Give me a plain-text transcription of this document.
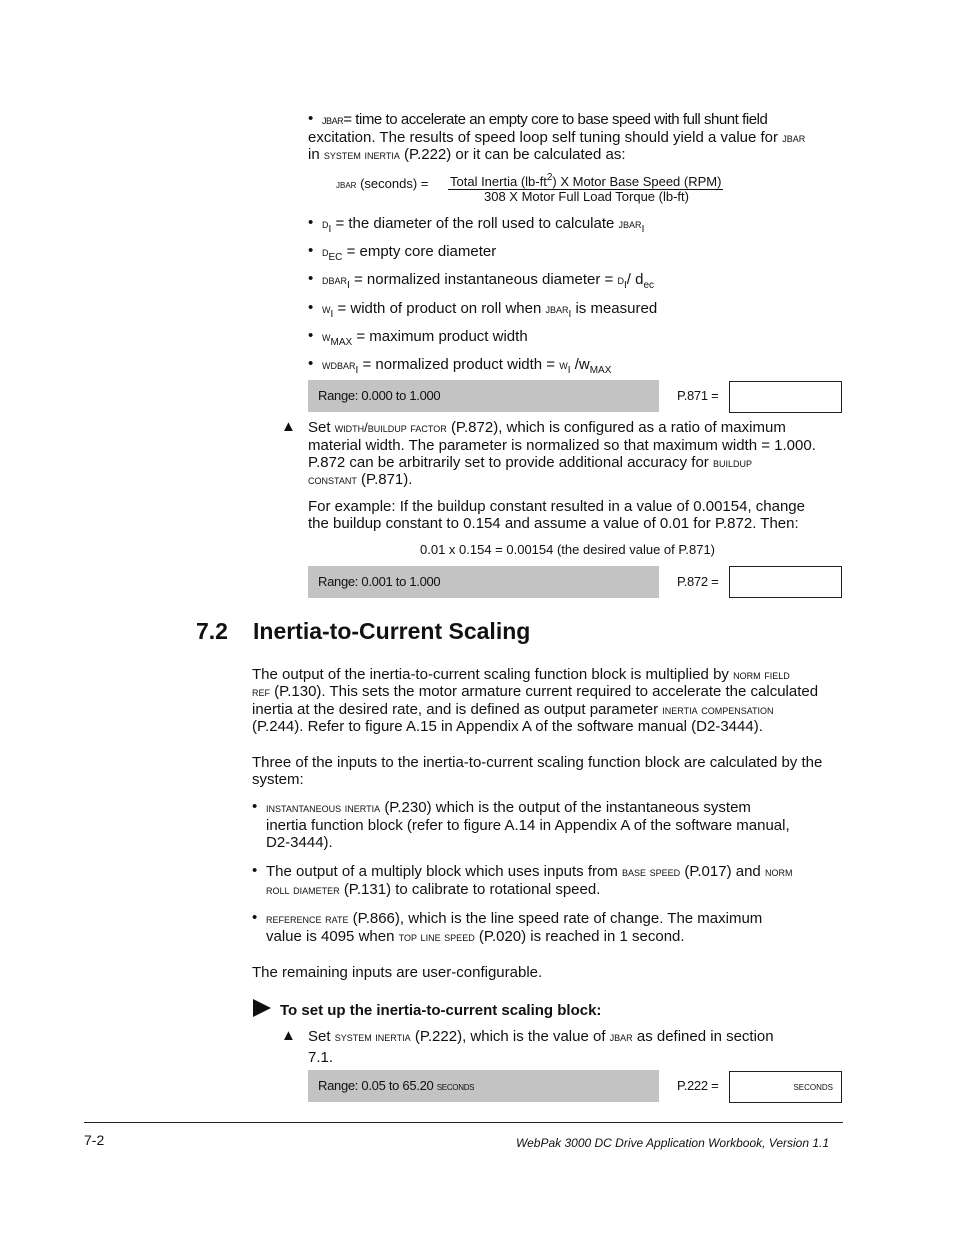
• jbar= time to accelerate an empty core to base speed with full shunt field
excitation. The results of speed loop self tuning should yield a value for jbar
in system inertia (P.222) or it can be calculated as:
jbar (seconds) = Total Inertia $(lb-ft^2)$ X Motor Base Speed (RPM)
308 X Motor Full Load Torque (lb-ft)
• $d_I$ = the diameter of the roll used to calculate jbar$_I$
• $d_{EC}$ = empty core diameter
• dbar$_I$ = normalized instantaneous diameter = $d_I/$ $d_{ec}$
• $w_I$ = width of product on roll when jbar$_I$ is measured
• $w_{MAX}$ = maximum product width
• wdbar$_I$ = normalized product width = $w_I$ $/w_{MAX}$
Range: 0.000 to 1.000	P.871 =
▲ Set width/buildup factor (P.872), which is configured as a ratio of maximum
material width. The parameter is normalized so that maximum width = 1.000.
P.872 can be arbitrarily set to provide additional accuracy for buildup
constant (P.871).
For example: If the buildup constant resulted in a value of 0.00154, change
the buildup constant to 0.154 and assume a value of 0.01 for P.872. Then:
0.01 x 0.154 = 0.00154 (the desired value of P.871)
Range: 0.001 to 1.000	P.872 =
7.2 Inertia-to-Current Scaling
The output of the inertia-to-current scaling function block is multiplied by norm field
ref (P.130). This sets the motor armature current required to accelerate the calculated
inertia at the desired rate, and is defined as output parameter inertia compensation
(P.244). Refer to figure A.15 in Appendix A of the software manual (D2-3444).
Three of the inputs to the inertia-to-current scaling function block are calculated by the
system:
• instantaneous inertia (P.230) which is the output of the instantaneous system
inertia function block (refer to figure A.14 in Appendix A of the software manual,
D2-3444).
• The output of a multiply block which uses inputs from base speed (P.017) and norm
roll diameter (P.131) to calibrate to rotational speed.
• reference rate (P.866), which is the line speed rate of change. The maximum
value is 4095 when top line speed (P.020) is reached in 1 second.
The remaining inputs are user-configurable.
To set up the inertia-to-current scaling block:
▲ Set system inertia (P.222), which is the value of jbar as defined in section
7.1.
Range: 0.05 to 65.20 seconds	P.222 =	seconds
7-2	WebPak 3000 DC Drive Application Workbook, Version 1.1
